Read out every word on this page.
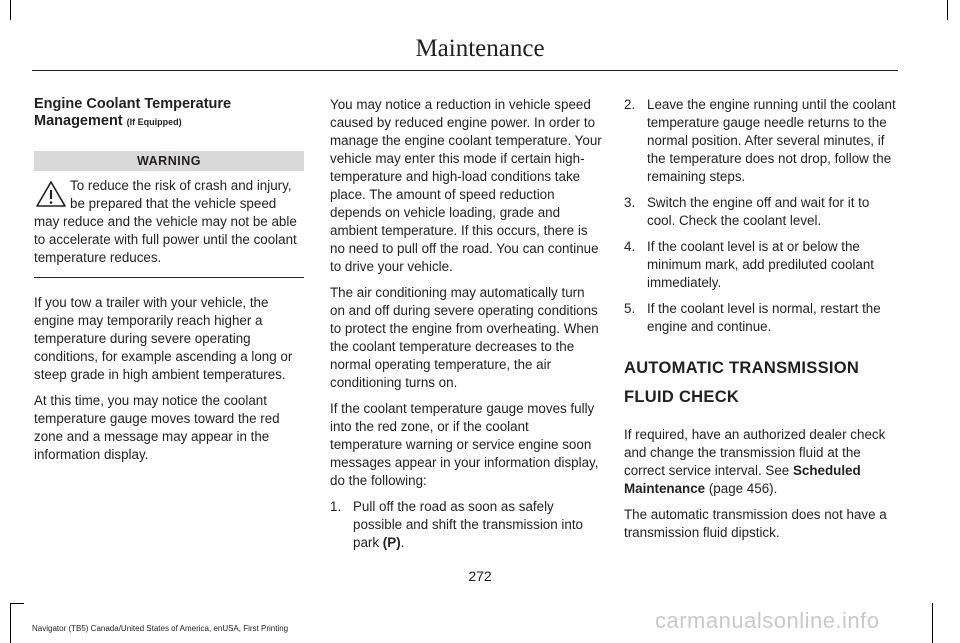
Maintenance
Engine Coolant Temperature Management (If Equipped)
WARNING
To reduce the risk of crash and injury,
be prepared that the vehicle speed
may reduce and the vehicle may not be able to accelerate with full power until the coolant temperature reduces.

If you tow a trailer with your vehicle, the engine may temporarily reach higher a temperature during severe operating conditions, for example ascending a long or steep grade in high ambient temperatures.

At this time, you may notice the coolant temperature gauge moves toward the red zone and a message may appear in the information display.

You may notice a reduction in vehicle speed caused by reduced engine power. In order to manage the engine coolant temperature. Your vehicle may enter this mode if certain high-temperature and high-load conditions take place. The amount of speed reduction depends on vehicle loading, grade and ambient temperature. If this occurs, there is no need to pull off the road. You can continue to drive your vehicle.

The air conditioning may automatically turn on and off during severe operating conditions to protect the engine from overheating. When the coolant temperature decreases to the normal operating temperature, the air conditioning turns on.

If the coolant temperature gauge moves fully into the red zone, or if the coolant temperature warning or service engine soon messages appear in your information display, do the following:

1. Pull off the road as soon as safely possible and shift the transmission into park (P).
2. Leave the engine running until the coolant temperature gauge needle returns to the normal position. After several minutes, if the temperature does not drop, follow the remaining steps.
3. Switch the engine off and wait for it to cool. Check the coolant level.
4. If the coolant level is at or below the minimum mark, add prediluted coolant immediately.
5. If the coolant level is normal, restart the engine and continue.

AUTOMATIC TRANSMISSION

FLUID CHECK

If required, have an authorized dealer check and change the transmission fluid at the correct service interval. See Scheduled Maintenance (page 456).

The automatic transmission does not have a transmission fluid dipstick.

272
Navigator (TB5) Canada/United States of America, enUSA, First Printing	carmanualsonline.info
